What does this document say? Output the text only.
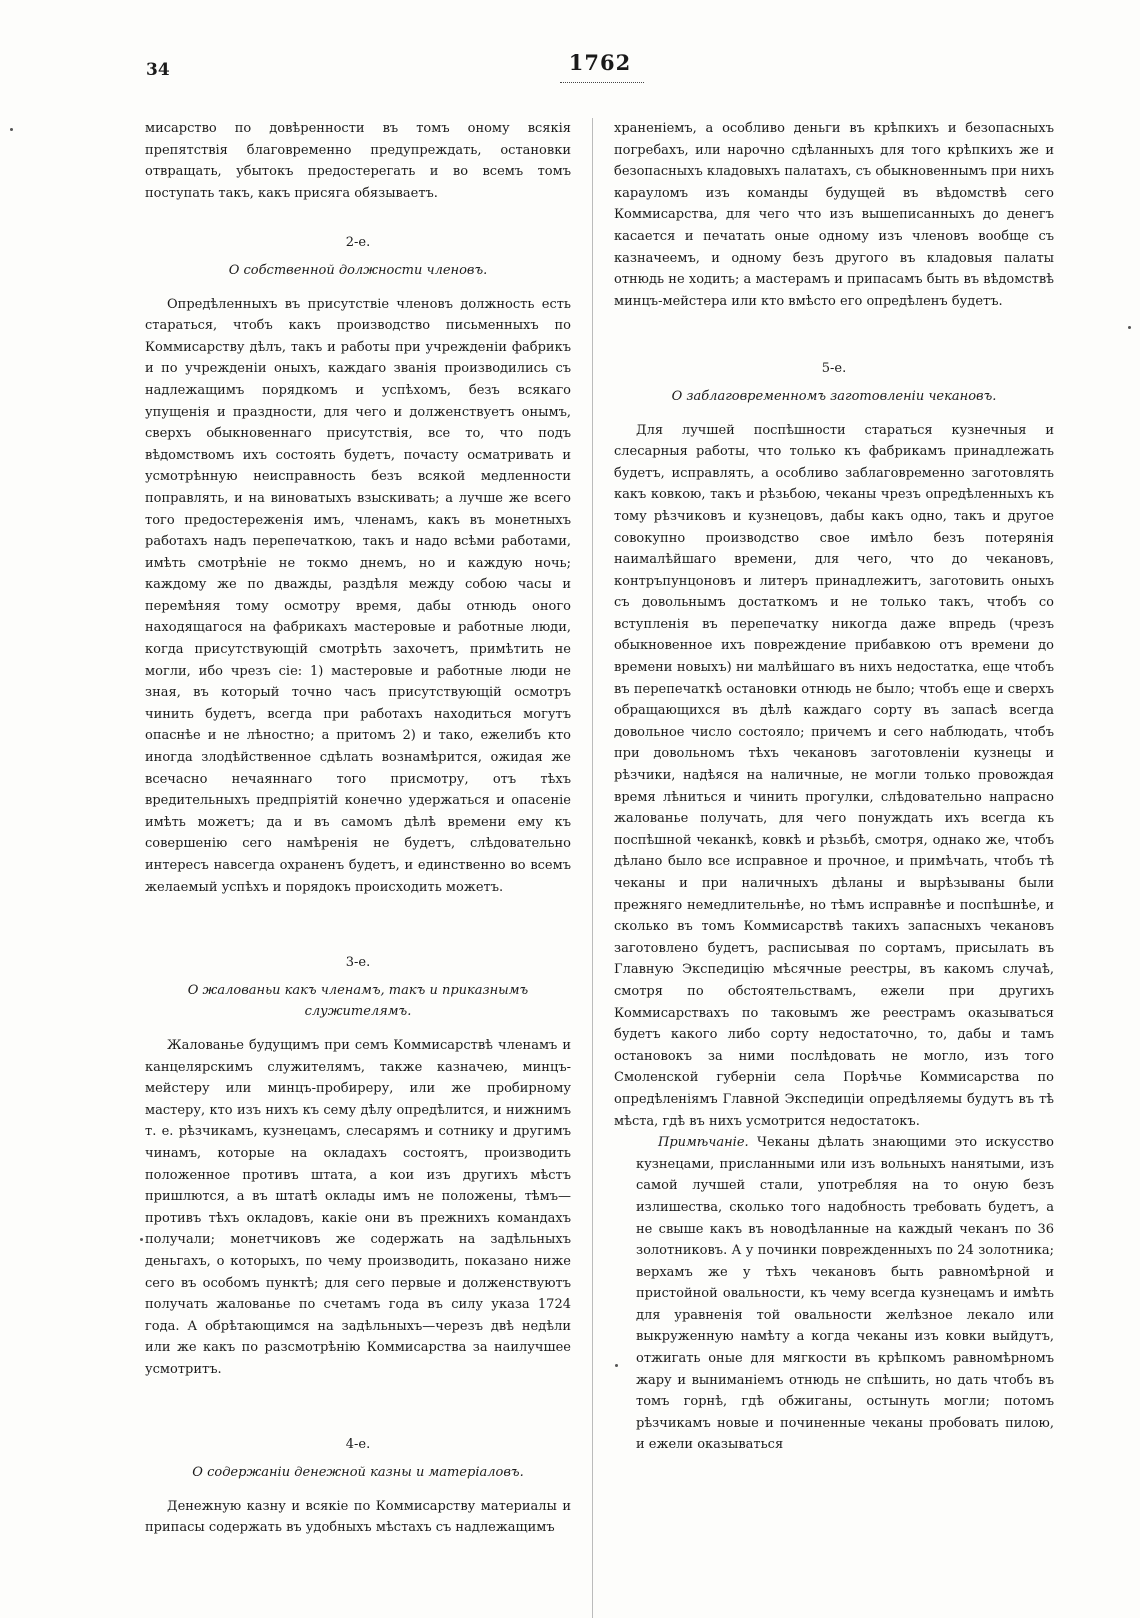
34	1762

мисарство по довѣренности въ томъ оному всякія препятствія благовременно предупреждать, остановки отвращать, убытокъ предостерегать и во всемъ томъ поступать такъ, какъ присяга обязываетъ.

2-е.
О собственной должности членовъ.

Опредѣленныхъ въ присутствіе членовъ должность есть стараться, чтобъ какъ производство письменныхъ по Коммисарству дѣлъ, такъ и работы при учрежденіи фабрикъ и по учрежденіи оныхъ, каждаго званія производились съ надлежащимъ порядкомъ и успѣхомъ, безъ всякаго упущенія и праздности, для чего и долженствуетъ онымъ, сверхъ обыкновеннаго присутствія, все то, что подъ вѣдомствомъ ихъ состоять будетъ, почасту осматривать и усмотрѣнную неисправность безъ всякой медленности поправлять, и на виноватыхъ взыскивать; а лучше же всего того предостереженія имъ, членамъ, какъ въ монетныхъ работахъ надъ перепечаткою, такъ и надо всѣми работами, имѣть смотрѣніе не токмо днемъ, но и каждую ночь; каждому же по дважды, раздѣля между собою часы и перемѣняя тому осмотру время, дабы отнюдь оного находящагося на фабрикахъ мастеровые и работные люди, когда присутствующій смотрѣть захочетъ, примѣтить не могли, ибо чрезъ сіе: 1) мастеровые и работные люди не зная, въ который точно часъ присутствующій осмотръ чинить будетъ, всегда при работахъ находиться могутъ опаснѣе и не лѣностно; а притомъ 2) и тако, ежелибъ кто иногда злодѣйственное сдѣлать вознамѣрится, ожидая же всечасно нечаяннаго того присмотру, отъ тѣхъ вредительныхъ предпріятій конечно удержаться и опасеніе имѣть можетъ; да и въ самомъ дѣлѣ времени ему къ совершенію сего намѣренія не будетъ, слѣдовательно интересъ навсегда охраненъ будетъ, и единственно во всемъ желаемый успѣхъ и порядокъ происходить можетъ.

3-е.
О жалованьи какъ членамъ, такъ и приказнымъ служителямъ.

Жалованье будущимъ при семъ Коммисарствѣ членамъ и канцелярскимъ служителямъ, также казначею, минцъ-мейстеру или минцъ-пробиреру, или же пробирному мастеру, кто изъ нихъ къ сему дѣлу опредѣлится, и нижнимъ т. е. рѣзчикамъ, кузнецамъ, слесарямъ и сотнику и другимъ чинамъ, которые на окладахъ состоятъ, производить положенное противъ штата, а кои изъ другихъ мѣстъ пришлются, а въ штатѣ оклады имъ не положены, тѣмъ—противъ тѣхъ окладовъ, какіе они въ прежнихъ командахъ получали; монетчиковъ же содержать на задѣльныхъ деньгахъ, о которыхъ, по чему производить, показано ниже сего въ особомъ пунктѣ; для сего первые и долженствуютъ получать жалованье по счетамъ года въ силу указа 1724 года. А обрѣтающимся на задѣльныхъ—черезъ двѣ недѣли или же какъ по разсмотрѣнію Коммисарства за наилучшее усмотритъ.

4-е.
О содержаніи денежной казны и матеріаловъ.

Денежную казну и всякіе по Коммисарству материалы и припасы содержать въ удобныхъ мѣстахъ съ надлежащимъ

храненіемъ, а особливо деньги въ крѣпкихъ и безопасныхъ погребахъ, или нарочно сдѣланныхъ для того крѣпкихъ же и безопасныхъ кладовыхъ палатахъ, съ обыкновеннымъ при нихъ карауломъ изъ команды будущей въ вѣдомствѣ сего Коммисарства, для чего что изъ вышеписанныхъ до денегъ касается и печатать оные одному изъ членовъ вообще съ казначеемъ, и одному безъ другого въ кладовыя палаты отнюдь не ходить; а мастерамъ и припасамъ быть въ вѣдомствѣ минцъ-мейстера или кто вмѣсто его опредѣленъ будетъ.

5-е.
О заблаговременномъ заготовленіи чекановъ.

Для лучшей поспѣшности стараться кузнечныя и слесарныя работы, что только къ фабрикамъ принадлежать будетъ, исправлять, а особливо заблаговременно заготовлять какъ ковкою, такъ и рѣзьбою, чеканы чрезъ опредѣленныхъ къ тому рѣзчиковъ и кузнецовъ, дабы какъ одно, такъ и другое совокупно производство свое имѣло безъ потерянія наималѣйшаго времени, для чего, что до чекановъ, контръпунцоновъ и литеръ принадлежитъ, заготовить оныхъ съ довольнымъ достаткомъ и не только такъ, чтобъ со вступленія въ перепечатку никогда даже впредь (чрезъ обыкновенное ихъ повреждение прибавкою отъ времени до времени новыхъ) ни малѣйшаго въ нихъ недостатка, еще чтобъ въ перепечаткѣ остановки отнюдь не было; чтобъ еще и сверхъ обращающихся въ дѣлѣ каждаго сорту въ запасѣ всегда довольное число состояло; причемъ и сего наблюдать, чтобъ при довольномъ тѣхъ чекановъ заготовленіи кузнецы и рѣзчики, надѣяся на наличные, не могли только провождая время лѣниться и чинить прогулки, слѣдовательно напрасно жалованье получать, для чего понуждать ихъ всегда къ поспѣшной чеканкѣ, ковкѣ и рѣзьбѣ, смотря, однако же, чтобъ дѣлано было все исправное и прочное, и примѣчать, чтобъ тѣ чеканы и при наличныхъ дѣланы и вырѣзываны были прежняго немедлительнѣе, но тѣмъ исправнѣе и поспѣшнѣе, и сколько въ томъ Коммисарствѣ такихъ запасныхъ чекановъ заготовлено будетъ, расписывая по сортамъ, присылать въ Главную Экспедицію мѣсячные реестры, въ какомъ случаѣ, смотря по обстоятельствамъ, ежели при другихъ Коммисарствахъ по таковымъ же реестрамъ оказываться будетъ какого либо сорту недостаточно, то, дабы и тамъ остановокъ за ними послѣдовать не могло, изъ того Смоленской губерніи села Порѣчье Коммисарства по опредѣленіямъ Главной Экспедиціи опредѣляемы будутъ въ тѣ мѣста, гдѣ въ нихъ усмотрится недостатокъ.

Примѣчаніе. Чеканы дѣлать знающими это искусство кузнецами, присланными или изъ вольныхъ нанятыми, изъ самой лучшей стали, употребляя на то оную безъ излишества, сколько того надобность требовать будетъ, а не свыше какъ въ новодѣланные на каждый чеканъ по 36 золотниковъ. А у починки поврежденныхъ по 24 золотника; верхамъ же у тѣхъ чекановъ быть равномѣрной и пристойной овальности, къ чему всегда кузнецамъ и имѣть для уравненія той овальности желѣзное лекало или выкруженную намѣту а когда чеканы изъ ковки выйдутъ, отжигать оные для мягкости въ крѣпкомъ равномѣрномъ жару и выниманіемъ отнюдь не спѣшить, но дать чтобъ въ томъ горнѣ, гдѣ обжиганы, остынуть могли; потомъ рѣзчикамъ новые и починенные чеканы пробовать пилою, и ежели оказываться
